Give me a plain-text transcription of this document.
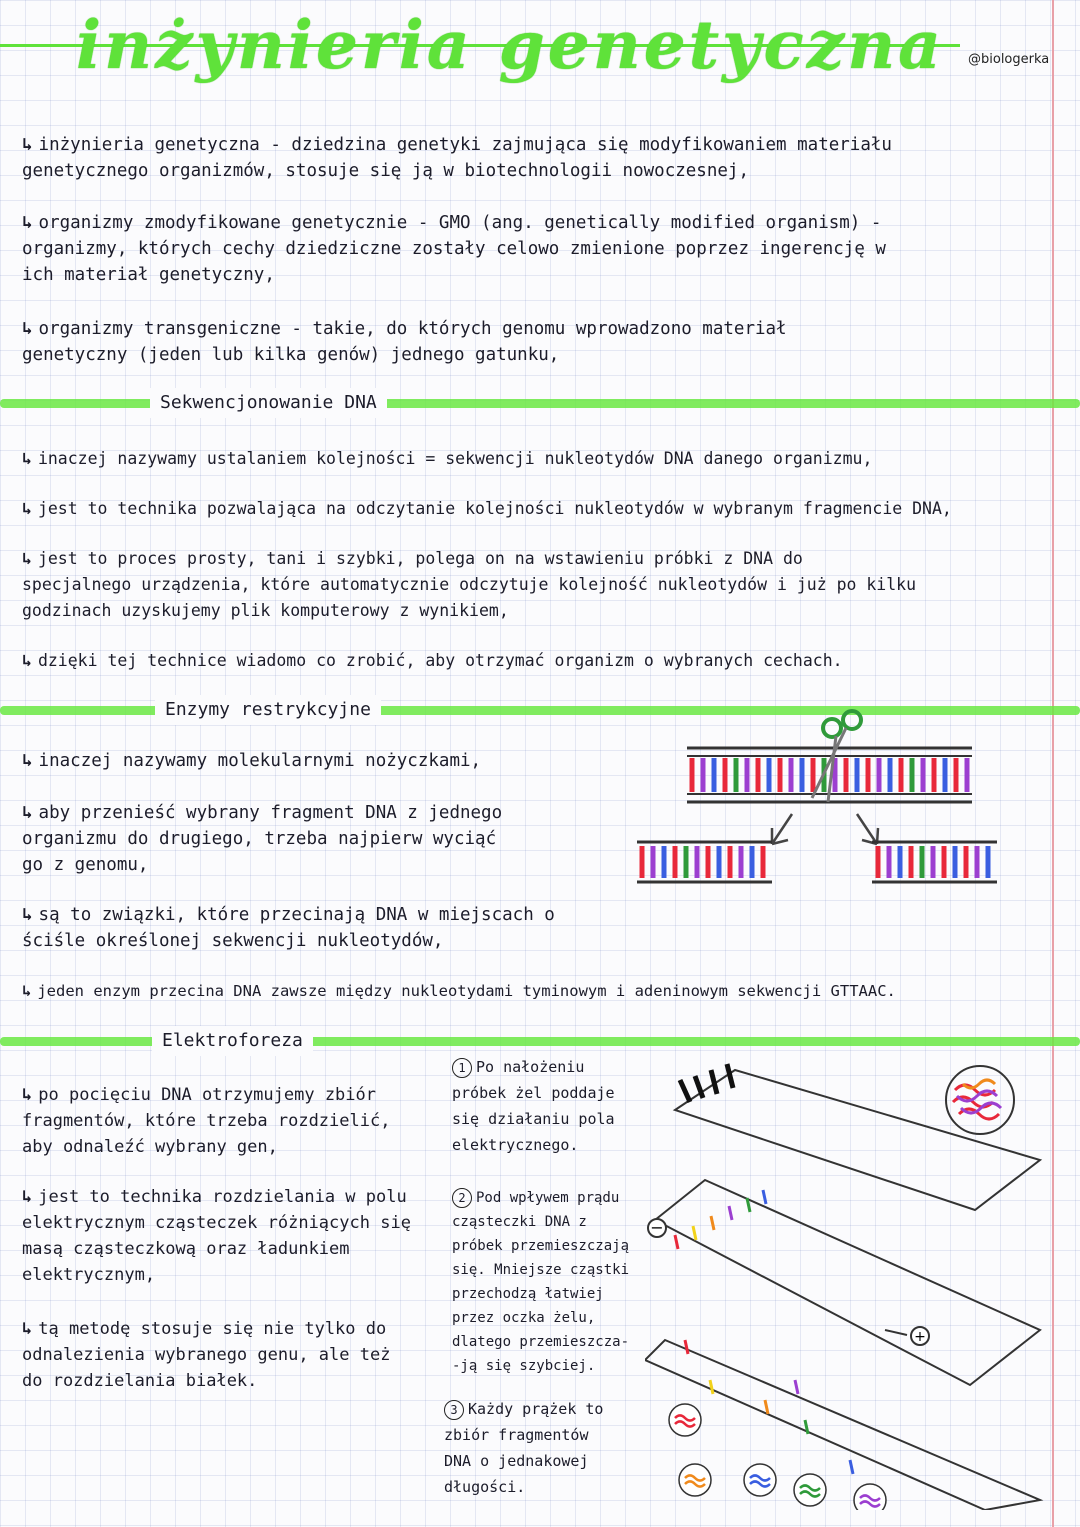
inżynieria genetyczna	@biologerka
↳ inżynieria genetyczna - dziedzina genetyki zajmująca się modyfikowaniem materiału
genetycznego organizmów, stosuje się ją w biotechnologii nowoczesnej,
↳ organizmy zmodyfikowane genetycznie - GMO (ang. genetically modified organism) -
organizmy, których cechy dziedziczne zostały celowo zmienione poprzez ingerencję w
ich materiał genetyczny,
↳ organizmy transgeniczne - takie, do których genomu wprowadzono materiał
genetyczny (jeden lub kilka genów) jednego gatunku,
Sekwencjonowanie DNA
↳ inaczej nazywamy ustalaniem kolejności = sekwencji nukleotydów DNA danego organizmu,
↳ jest to technika pozwalająca na odczytanie kolejności nukleotydów w wybranym fragmencie DNA,
↳ jest to proces prosty, tani i szybki, polega on na wstawieniu próbki z DNA do
specjalnego urządzenia, które automatycznie odczytuje kolejność nukleotydów i już po kilku
godzinach uzyskujemy plik komputerowy z wynikiem,
↳ dzięki tej technice wiadomo co zrobić, aby otrzymać organizm o wybranych cechach.
Enzymy restrykcyjne
↳ inaczej nazywamy molekularnymi nożyczkami,
↳ aby przenieść wybrany fragment DNA z jednego
organizmu do drugiego, trzeba najpierw wyciąć
go z genomu,
↳ są to związki, które przecinają DNA w miejscach o
ściśle określonej sekwencji nukleotydów,
↳ jeden enzym przecina DNA zawsze między nukleotydami tyminowym i adeninowym sekwencji GTTAAC.
Elektroforeza
↳ po pocięciu DNA otrzymujemy zbiór
fragmentów, które trzeba rozdzielić,
aby odnaleźć wybrany gen,
↳ jest to technika rozdzielania w polu
elektrycznym cząsteczek różniących się
masą cząsteczkową oraz ładunkiem
elektrycznym,
↳ tą metodę stosuje się nie tylko do
odnalezienia wybranego genu, ale też
do rozdzielania białek.
1 Po nałożeniu
próbek żel poddaje
się działaniu pola
elektrycznego.
2 Pod wpływem prądu
cząsteczki DNA z
próbek przemieszczają
się. Mniejsze cząstki
przechodzą łatwiej
przez oczka żelu,
dlatego przemieszcza-
-ją się szybciej.
3 Każdy prążek to
zbiór fragmentów
DNA o jednakowej
długości.
−
+
